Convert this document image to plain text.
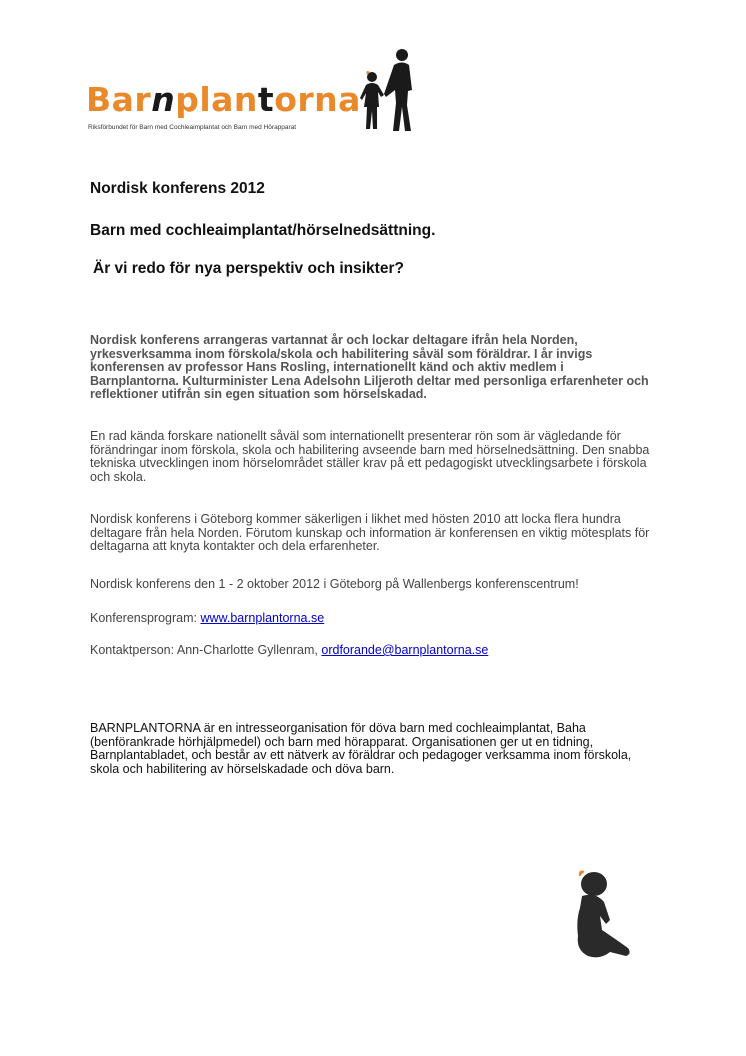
Barnplantorna

Riksförbundet för Barn med Cochleaimplantat och Barn med Hörapparat

Nordisk konferens 2012

Barn med cochleaimplantat/hörselnedsättning.

Är vi redo för nya perspektiv och insikter?

Nordisk konferens arrangeras vartannat år och lockar deltagare ifrån hela Norden, yrkesverksamma inom förskola/skola och habilitering såväl som föräldrar. I år invigs konferensen av professor Hans Rosling, internationellt känd och aktiv medlem i Barnplantorna. Kulturminister Lena Adelsohn Liljeroth deltar med personliga erfarenheter och reflektioner utifrån sin egen situation som hörselskadad.

En rad kända forskare nationellt såväl som internationellt presenterar rön som är vägledande för förändringar inom förskola, skola och habilitering avseende barn med hörselnedsättning. Den snabba tekniska utvecklingen inom hörselområdet ställer krav på ett pedagogiskt utvecklingsarbete i förskola och skola.

Nordisk konferens i Göteborg kommer säkerligen i likhet med hösten 2010 att locka flera hundra deltagare från hela Norden. Förutom kunskap och information är konferensen en viktig mötesplats för deltagarna att knyta kontakter och dela erfarenheter.

Nordisk konferens den 1 - 2 oktober 2012 i Göteborg på Wallenbergs konferenscentrum!

Konferensprogram: www.barnplantorna.se

Kontaktperson: Ann-Charlotte Gyllenram, ordforande@barnplantorna.se

BARNPLANTORNA är en intresseorganisation för döva barn med cochleaimplantat, Baha (benförankrade hörhjälpmedel) och barn med hörapparat. Organisationen ger ut en tidning, Barnplantabladet, och består av ett nätverk av föräldrar och pedagoger verksamma inom förskola, skola och habilitering av hörselskadade och döva barn.
